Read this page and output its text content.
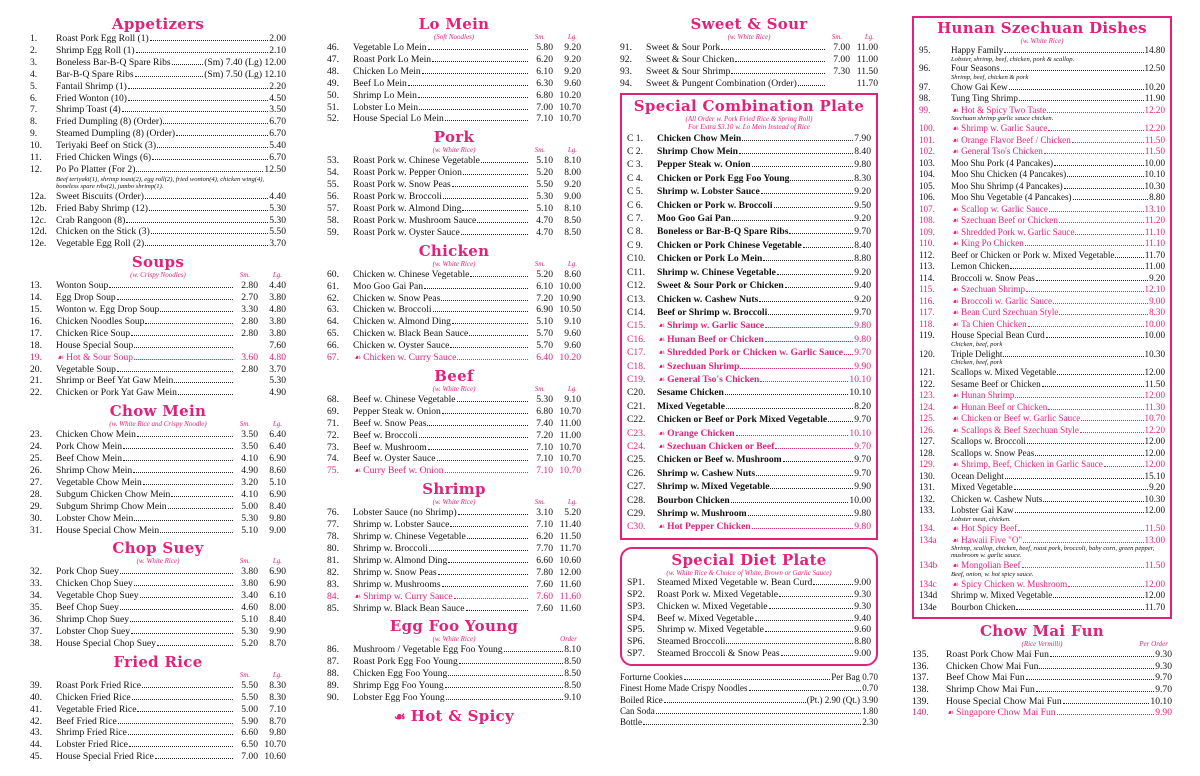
Appetizers
1.	Roast Pork Egg Roll (1)	2.00
2.	Shrimp Egg Roll (1)	2.10
3.	Boneless Bar-B-Q Spare Ribs	(Sm) 7.40 (Lg) 12.00
4.	Bar-B-Q Spare Ribs	(Sm) 7.50 (Lg) 12.10
5.	Fantail Shrimp (1)	2.20
6.	Fried Wonton (10)	4.50
7.	Shrimp Toast (4)	3.50
8.	Fried Dumpling (8) (Order)	6.70
9.	Steamed Dumpling (8) (Order)	6.70
10.	Teriyaki Beef on Stick (3)	5.40
11.	Fried Chicken Wings (6)	6.70
12.	Po Po Platter (For 2)	12.50
Beef teriyaki(1), shrimp toast(2), egg roll(2), fried wonton(4), chicken wing(4), boneless spare ribs(2), jumbo shrimp(1).
12a.	Sweet Biscuits (Order)	4.40
12b. Fried Baby Shrimp (12)	5.30
12c.	Crab Rangoon (8)	5.30
12d. Chicken on the Stick (3)	5.50
12e.	Vegetable Egg Roll (2)	3.70
Soups
(w. Crispy Noodles)	Sm.	Lg.
13.	Wonton Soup	2.80	4.40
14.	Egg Drop Soup	2.70	3.80
15.	Wonton w. Egg Drop Soup	3.30	4.80
16.	Chicken Noodles Soup	2.80	3.80
17.	Chicken Rice Soup	2.80	3.80
18.	House Special Soup	7.60
19.	☙ Hot & Sour Soup	3.60	4.80
20.	Vegetable Soup	2.80	3.70
21.	Shrimp or Beef Yat Gaw Mein	5.30
22.	Chicken or Pork Yat Gaw Mein	4.90
Chow Mein
(w. White Rice and Crispy Noodle)	Sm.	Lg.
23.	Chicken Chow Mein	3.50	6.40
24.	Pork Chow Mein	3.50	6.40
25.	Beef Chow Mein	4.10	6.90
26.	Shrimp Chow Mein	4.90	8.60
27.	Vegetable Chow Mein	3.20	5.10
28.	Subgum Chicken Chow Mein	4.10	6.90
29.	Subgum Shrimp Chow Mein	5.00	8.40
30.	Lobster Chow Mein	5.30	9.80
31.	House Special Chow Mein	5.10	9.00
Chop Suey
(w. White Rice)	Sm.	Lg.
32.	Pork Chop Suey	3.80	6.90
33.	Chicken Chop Suey	3.80	6.90
34.	Vegetable Chop Suey	3.40	6.10
35.	Beef Chop Suey	4.60	8.00
36.	Shrimp Chop Suey	5.10	8.40
37.	Lobster Chop Suey	5.30	9.90
38.	House Special Chop Suey	5.20	8.70
Fried Rice
Sm.	Lg.
39.	Roast Pork Fried Rice	5.50	8.30
40.	Chicken Fried Rice	5.50	8.30
41.	Vegetable Fried Rice	5.00	7.10
42.	Beef Fried Rice	5.90	8.70
43.	Shrimp Fried Rice	6.60	9.80
44.	Lobster Fried Rice	6.50 10.70
45.	House Special Fried Rice	7.00 10.60
Lo Mein
(Soft Noodles)	Sm.	Lg.
46.	Vegetable Lo Mein	5.80	9.20
47.	Roast Pork Lo Mein	6.20	9.20
48.	Chicken Lo Mein	6.10	9.20
49.	Beef Lo Mein	6.30	9.60
50.	Shrimp Lo Mein	6.80 10.20
51.	Lobster Lo Mein	7.00 10.70
52.	House Special Lo Mein	7.10 10.70
Pork
(w. White Rice)	Sm.	Lg.
53.	Roast Pork w. Chinese Vegetable	5.10	8.10
54.	Roast Pork w. Pepper Onion	5.20	8.00
55.	Roast Pork w. Snow Peas	5.50	9.20
56.	Roast Pork w. Broccoli	5.30	9.00
57.	Roast Pork w. Almond Ding	5.10	8.10
58.	Roast Pork w. Mushroom Sauce	4.70	8.50
59.	Roast Pork w. Oyster Sauce	4.70	8.50
Chicken
(w. White Rice)	Sm.	Lg.
60.	Chicken w. Chinese Vegetable	5.20	8.60
61.	Moo Goo Gai Pan	6.10 10.00
62.	Chicken w. Snow Peas	7.20 10.90
63.	Chicken w. Broccoli	6.90 10.50
64.	Chicken w. Almond Ding	5.10	9.10
65.	Chicken w. Black Bean Sauce	5.70	9.60
66.	Chicken w. Oyster Sauce	5.70	9.60
67.	☙ Chicken w. Curry Sauce	6.40 10.20
Beef
(w. White Rice)	Sm.	Lg.
68.	Beef w. Chinese Vegetable	5.30	9.10
69.	Pepper Steak w. Onion	6.80 10.70
71.	Beef w. Snow Peas	7.40 11.00
72.	Beef w. Broccoli	7.20 11.00
73.	Beef w. Mushroom	7.10 10.70
74.	Beef w. Oyster Sauce	7.10 10.70
75.	☙ Curry Beef w. Onion	7.10 10.70
Shrimp
(w. White Rice)	Sm.	Lg.
76.	Lobster Sauce (no Shrimp)	3.10	5.20
77.	Shrimp w. Lobster Sauce	7.10 11.40
78.	Shrimp w. Chinese Vegetable	6.20 11.50
80.	Shrimp w. Broccoli	7.70 11.70
81.	Shrimp w. Almond Ding	6.60 10.60
82.	Shrimp w. Snow Peas	7.80 12.00
83.	Shrimp w. Mushrooms	7.60 11.60
84.	☙ Shrimp w. Curry Sauce	7.60 11.60
85.	Shrimp w. Black Bean Sauce	7.60 11.60
Egg Foo Young
(w. White Rice)	Order
86.	Mushroom / Vegetable Egg Foo Young	8.10
87.	Roast Pork Egg Foo Young	8.50
88.	Chicken Egg Foo Young	8.50
89.	Shrimp Egg Foo Young	8.50
90.	Lobster Egg Foo Young	9.10
☙ Hot & Spicy
Sweet & Sour
(w. White Rice)	Sm.	Lg.
91.	Sweet & Sour Pork	7.00 11.00
92.	Sweet & Sour Chicken	7.00 11.00
93.	Sweet & Sour Shrimp	7.30 11.50
94.	Sweet & Pungent Combination (Order)	11.70
Special Combination Plate
(All Order w. Pork Fried Rice & Spring Roll)
For Extra $3.10 w. Lo Mein Instead of Rice
C 1.	Chicken Chow Mein	7.90
C 2.	Shrimp Chow Mein	8.40
C 3.	Pepper Steak w. Onion	9.80
C 4.	Chicken or Pork Egg Foo Young	8.30
C 5.	Shrimp w. Lobster Sauce	9.20
C 6.	Chicken or Pork w. Broccoli	9.50
C 7.	Moo Goo Gai Pan	9.20
C 8.	Boneless or Bar-B-Q Spare Ribs	9.70
C 9.	Chicken or Pork Chinese Vegetable	8.40
C10.	Chicken or Pork Lo Mein	8.80
C11.	Shrimp w. Chinese Vegetable	9.20
C12.	Sweet & Sour Pork or Chicken	9.40
C13.	Chicken w. Cashew Nuts	9.20
C14.	Beef or Shrimp w. Broccoli	9.70
C15.	☙ Shrimp w. Garlic Sauce	9.80
C16.	☙ Hunan Beef or Chicken	9.80
C17.	☙ Shredded Pork or Chicken w. Garlic Sauce 9.70
C18.	☙ Szechuan Shrimp	9.90
C19.	☙ General Tso's Chicken	10.10
C20.	Sesame Chicken	10.10
C21.	Mixed Vegetable	8.20
C22.	Chicken or Beef or Pork Mixed Vegetable	9.70
C23.	☙ Orange Chicken	10.10
C24.	☙ Szechuan Chicken or Beef	9.70
C25.	Chicken or Beef w. Mushroom	9.70
C26.	Shrimp w. Cashew Nuts	9.70
C27.	Shrimp w. Mixed Vegetable	9.90
C28.	Bourbon Chicken	10.00
C29.	Shrimp w. Mushroom	9.80
C30.	☙ Hot Pepper Chicken	9.80
Special Diet Plate
(w. White Rice & Choice of White, Brown or Garlic Sauce)
SP1.	Steamed Mixed Vegetable w. Bean Curd	9.00
SP2.	Roast Pork w. Mixed Vegetable	9.30
SP3.	Chicken w. Mixed Vegetable	9.30
SP4.	Beef w. Mixed Vegetable	9.40
SP5.	Shrimp w. Mixed Vegetable	9.60
SP6.	Steamed Broccoli	8.80
SP7.	Steamed Broccoli & Snow Peas	9.00
Forturne Cookies	Per Bag 0.70
Finest Home Made Crispy Noodles	0.70
Boiled Rice	(Pt.) 2.90 (Qt.) 3.90
Can Soda	1.80
Bottle	2.30
Hunan Szechuan Dishes
(w. White Rice)
95.	Happy Family	14.80
Lobster, shrimp, beef, chicken, pork & scallop.
96.	Four Seasons	12.50
Shrimp, beef, chicken & pork
97.	Chow Gai Kew	10.20
98.	Tung Ting Shrimp	11.90
99.	☙ Hot & Spicy Two Taste	12.20
Szechuan shrimp garlic sauce chicken.
100.	☙ Shrimp w. Garlic Sauce	12.20
101.	☙ Orange Flavor Beef / Chicken	11.50
102.	☙ General Tso's Chicken	11.50
103.	Moo Shu Pork (4 Pancakes)	10.00
104.	Moo Shu Chicken (4 Pancakes)	10.10
105.	Moo Shu Shrimp (4 Pancakes)	10.30
106.	Moo Shu Vegetable (4 Pancakes)	8.80
107.	☙ Scallop w. Garlic Sauce	13.10
108.	☙ Szechuan Beef or Chicken	11.20
109.	☙ Shredded Pork w. Garlic Sauce	11.10
110.	☙ King Po Chicken	11.10
112.	Beef or Chicken or Pork w. Mixed Vegetable	11.70
113.	Lemon Chicken	11.00
114.	Broccoli w. Snow Peas	9.20
115.	☙ Szechuan Shrimp	12.10
116.	☙ Broccoli w. Garlic Sauce	9.00
117.	☙ Bean Curd Szechuan Style	8.30
118.	☙ Ta Chien Chicken	10.00
119.	House Special Bean Curd	10.00
Chicken, beef, pork
120.	Triple Delight	10.30
Chicken, beef, pork
121.	Scallops w. Mixed Vegetable	12.00
122.	Sesame Beef or Chicken	11.50
123.	☙ Hunan Shrimp	12.00
124.	☙ Hunan Beef or Chicken	11.30
125.	☙ Chicken or Beef w. Garlic Sauce	10.70
126.	☙ Scallops & Beef Szechuan Style	12.20
127.	Scallops w. Broccoli	12.00
128.	Scallops w. Snow Peas	12.00
129.	☙ Shrimp, Beef, Chicken in Garlic Sauce	12.00
130.	Ocean Delight	15.10
131.	Mixed Vegetable	9.20
132.	Chicken w. Cashew Nuts	10.30
133.	Lobster Gai Kaw	12.00
Lobster meat, chicken.
134.	☙ Hot Spicy Beef	11.50
134a	☙ Hawaii Five "O"	13.00
Shrimp, scallop, chicken, beef, roast pork, broccoli, baby corn, green pepper, mushroom w. garlic sauce.
134b	☙ Mongolian Beef	11.50
Beef, onion, w. hot spicy sauce.
134c	☙ Spicy Chicken w. Mushroom	12.00
134d	Shrimp w. Mixed Vegetable	12.00
134e	Bourbon Chicken	11.70
Chow Mai Fun
(Rice Vermilli)	Per Order
135.	Roast Pork Chow Mai Fun	9.30
136.	Chicken Chow Mai Fun	9.30
137.	Beef Chow Mai Fun	9.70
138.	Shrimp Chow Mai Fun	9.70
139.	House Special Chow Mai Fun	10.10
140.	☙ Singapore Chow Mai Fun	9.90
